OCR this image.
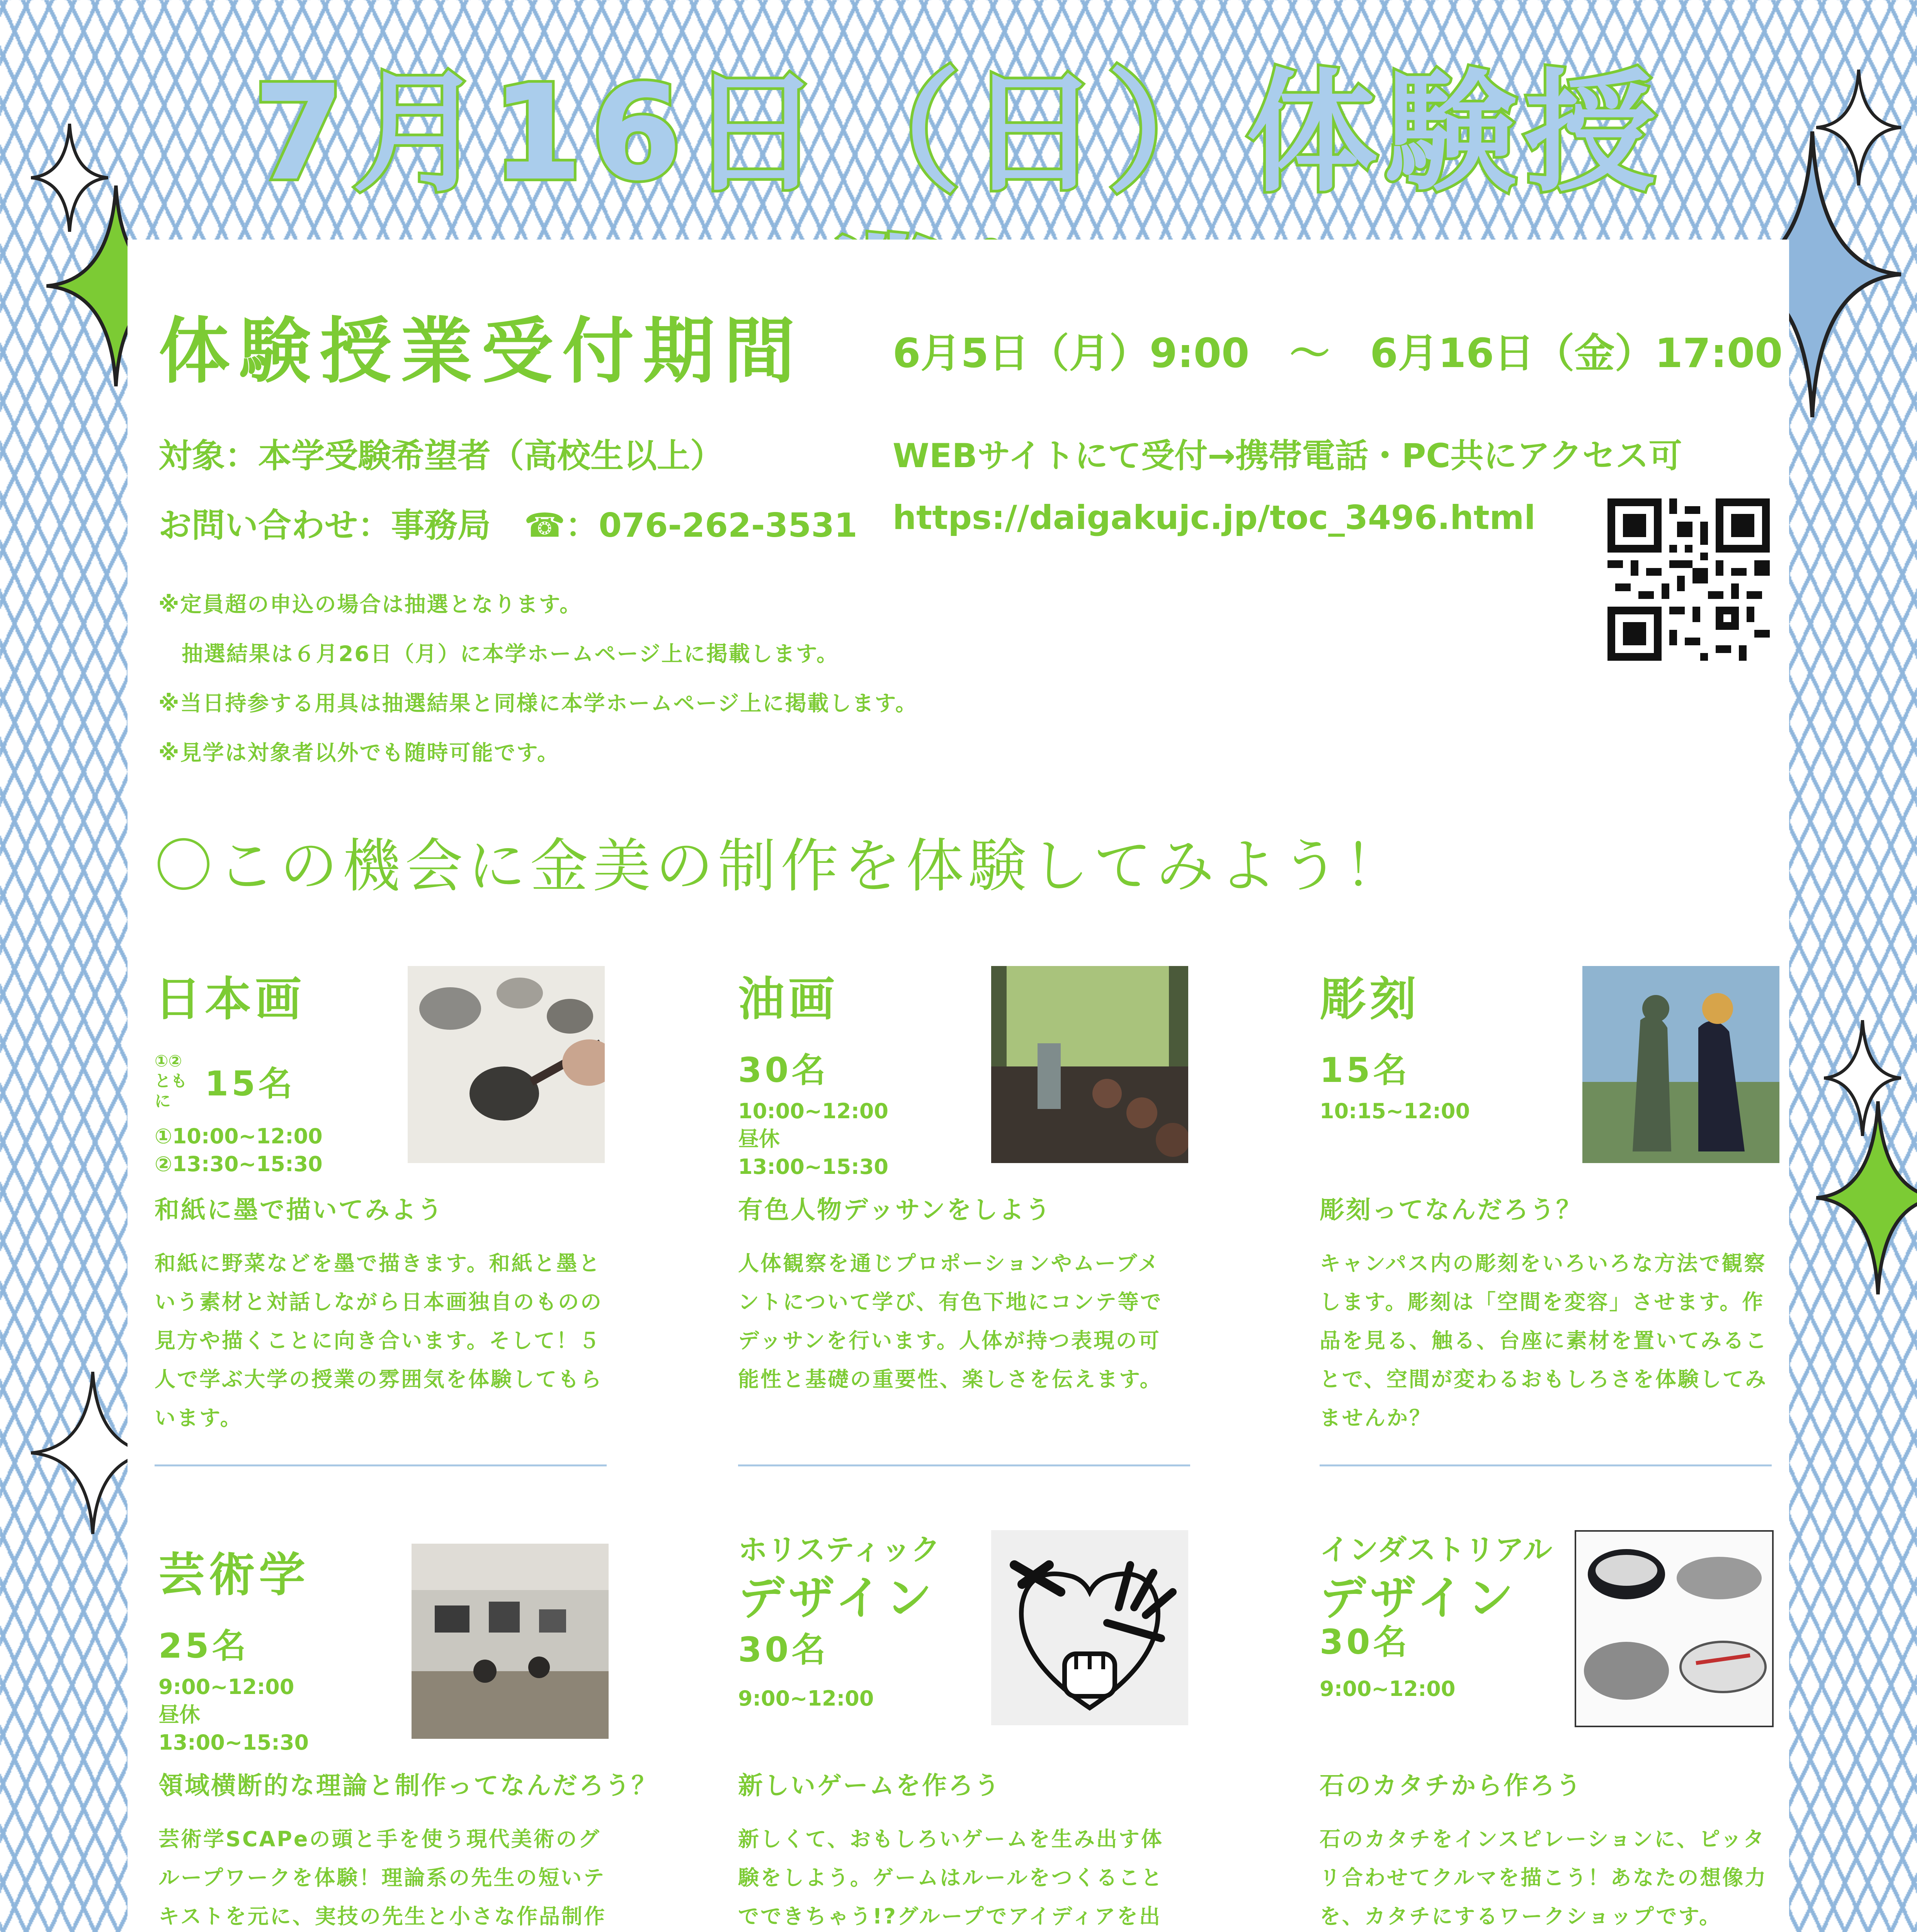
7月16日（日）体験授
体験授業受付期間 6月5日（月）9:00　～　6月16日（金）17:00
対象：本学受験希望者（高校生以上）
お問い合わせ：事務局　☎：076-262-3531
WEBサイトにて受付→携帯電話・PC共にアクセス可
https://daigakujc.jp/toc_3496.html
※定員超の申込の場合は抽選となります。
抽選結果は６月26日（月）に本学ホームページ上に掲載します。
※当日持参する用具は抽選結果と同様に本学ホームページ上に掲載します。
※見学は対象者以外でも随時可能です。
〇この機会に金美の制作を体験してみよう！
日本画
①②ともに 15名
①10:00~12:00
②13:30~15:30
和紙に墨で描いてみよう
和紙に野菜などを墨で描きます。和紙と墨という素材と対話しながら日本画独自のものの見方や描くことに向き合います。そして！５人で学ぶ大学の授業の雰囲気を体験してもらいます。
油画
30名
10:00~12:00
昼休
13:00~15:30
有色人物デッサンをしよう
人体観察を通じプロポーションやムーブメントについて学び、有色下地にコンテ等でデッサンを行います。人体が持つ表現の可能性と基礎の重要性、楽しさを伝えます。
彫刻
15名
10:15~12:00
彫刻ってなんだろう？
キャンパス内の彫刻をいろいろな方法で観察します。彫刻は「空間を変容」させます。作品を見る、触る、台座に素材を置いてみることで、空間が変わるおもしろさを体験してみませんか？
芸術学
25名
9:00~12:00
昼休
13:00~15:30
領域横断的な理論と制作ってなんだろう？
芸術学SCAPeの頭と手を使う現代美術のグループワークを体験！理論系の先生の短いテキストを元に、実技の先生と小さな作品制作
ホリスティック
デザイン
30名
9:00~12:00
新しいゲームを作ろう
新しくて、おもしろいゲームを生み出す体験をしよう。ゲームはルールをつくることでできちゃう!?グループでアイディアを出
インダストリアル
デザイン
30名
9:00~12:00
石のカタチから作ろう
石のカタチをインスピレーションに、ピッタリ合わせてクルマを描こう！あなたの想像力を、カタチにするワークショップです。
